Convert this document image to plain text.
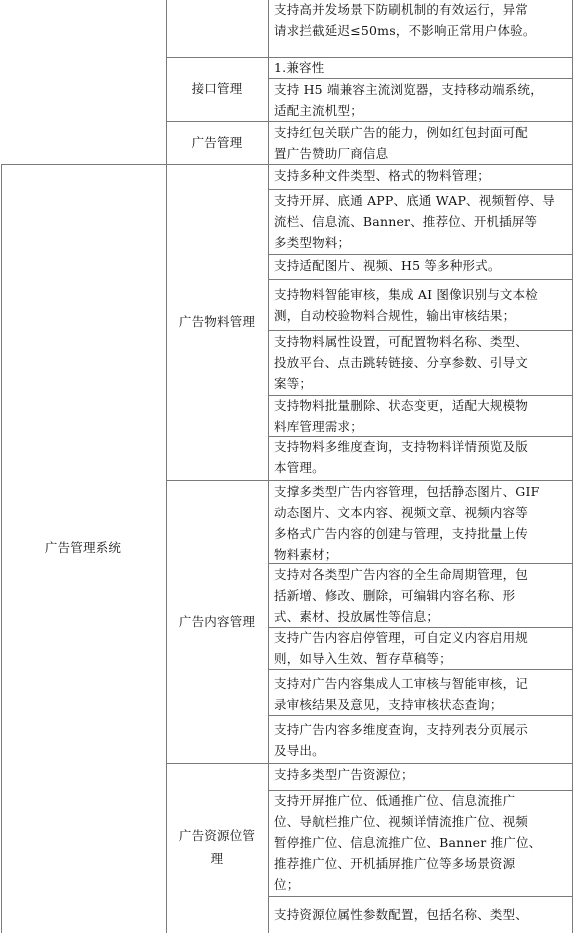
支持高并发场景下防刷机制的有效运行，异常
请求拦截延迟≤50ms，不影响正常用户体验。
1.兼容性
支持 H5 端兼容主流浏览器，支持移动端系统，
适配主流机型；
接口管理
支持红包关联广告的能力，例如红包封面可配
置广告赞助厂商信息
广告管理
支持多种文件类型、格式的物料管理；
支持开屏、底通 APP、底通 WAP、视频暂停、导
流栏、信息流、Banner、推荐位、开机插屏等
多类型物料；
支持适配图片、视频、H5 等多种形式。
支持物料智能审核，集成 AI 图像识别与文本检
测，自动校验物料合规性，输出审核结果；
支持物料属性设置，可配置物料名称、类型、
投放平台、点击跳转链接、分享参数、引导文
案等；
支持物料批量删除、状态变更，适配大规模物
料库管理需求；
支持物料多维度查询，支持物料详情预览及版
本管理。
广告物料管理
支撑多类型广告内容管理，包括静态图片、GIF
动态图片、文本内容、视频文章、视频内容等
多格式广告内容的创建与管理，支持批量上传
物料素材；
支持对各类型广告内容的全生命周期管理，包
括新增、修改、删除，可编辑内容名称、形
式、素材、投放属性等信息；
支持广告内容启停管理，可自定义内容启用规
则，如导入生效、暂存草稿等；
支持对广告内容集成人工审核与智能审核，记
录审核结果及意见，支持审核状态查询；
支持广告内容多维度查询，支持列表分页展示
及导出。
广告内容管理
支持多类型广告资源位；
支持开屏推广位、低通推广位、信息流推广
位、导航栏推广位、视频详情流推广位、视频
暂停推广位、信息流推广位、Banner 推广位、
推荐推广位、开机插屏推广位等多场景资源
位；
支持资源位属性参数配置，包括名称、类型、
广告资源位管
理
广告管理系统
